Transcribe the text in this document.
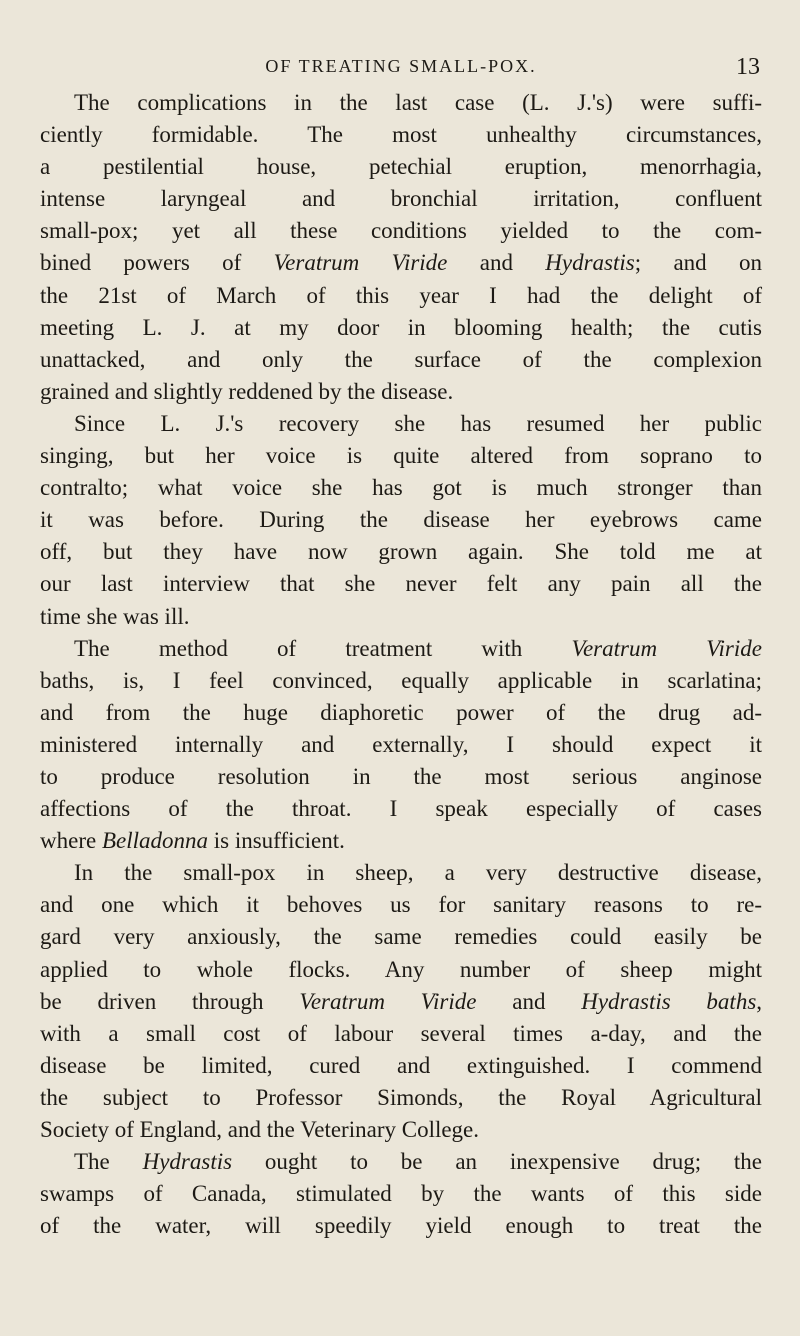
OF TREATING SMALL-POX.	13
The complications in the last case (L. J.'s) were suffi-
ciently formidable. The most unhealthy circumstances,
a pestilential house, petechial eruption, menorrhagia,
intense laryngeal and bronchial irritation, confluent
small-pox; yet all these conditions yielded to the com-
bined powers of Veratrum Viride and Hydrastis; and on
the 21st of March of this year I had the delight of
meeting L. J. at my door in blooming health; the cutis
unattacked, and only the surface of the complexion
grained and slightly reddened by the disease.
Since L. J.'s recovery she has resumed her public
singing, but her voice is quite altered from soprano to
contralto; what voice she has got is much stronger than
it was before. During the disease her eyebrows came
off, but they have now grown again. She told me at
our last interview that she never felt any pain all the
time she was ill.
The method of treatment with Veratrum Viride
baths, is, I feel convinced, equally applicable in scarlatina;
and from the huge diaphoretic power of the drug ad-
ministered internally and externally, I should expect it
to produce resolution in the most serious anginose
affections of the throat. I speak especially of cases
where Belladonna is insufficient.
In the small-pox in sheep, a very destructive disease,
and one which it behoves us for sanitary reasons to re-
gard very anxiously, the same remedies could easily be
applied to whole flocks. Any number of sheep might
be driven through Veratrum Viride and Hydrastis baths,
with a small cost of labour several times a-day, and the
disease be limited, cured and extinguished. I commend
the subject to Professor Simonds, the Royal Agricultural
Society of England, and the Veterinary College.
The Hydrastis ought to be an inexpensive drug; the
swamps of Canada, stimulated by the wants of this side
of the water, will speedily yield enough to treat the
